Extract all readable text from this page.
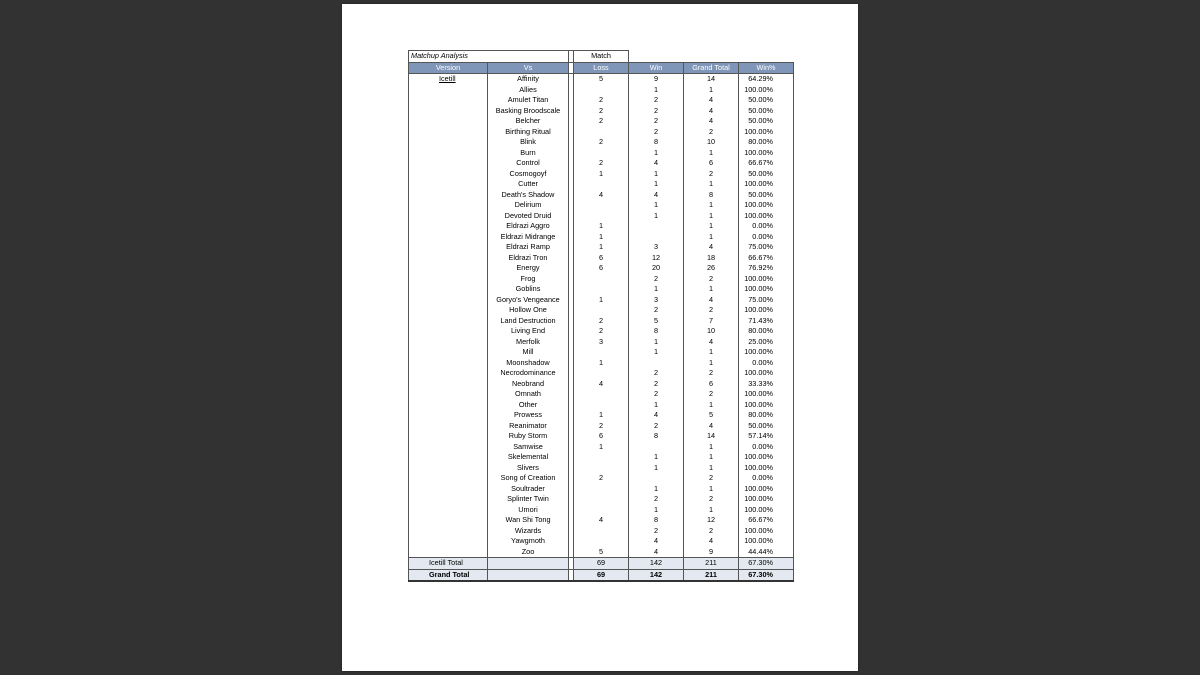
Matchup Analysis			Match			
Version	Vs		Loss	Win	Grand Total	Win%
Icetill	Affinity		5	9	14	64.29%
	Allies			1	1	100.00%
	Amulet Titan		2	2	4	50.00%
	Basking Broodscale		2	2	4	50.00%
	Belcher		2	2	4	50.00%
	Birthing Ritual			2	2	100.00%
	Blink		2	8	10	80.00%
	Burn			1	1	100.00%
	Control		2	4	6	66.67%
	Cosmogoyf		1	1	2	50.00%
	Cutter			1	1	100.00%
	Death's Shadow		4	4	8	50.00%
	Delirium			1	1	100.00%
	Devoted Druid			1	1	100.00%
	Eldrazi Aggro		1		1	0.00%
	Eldrazi Midrange		1		1	0.00%
	Eldrazi Ramp		1	3	4	75.00%
	Eldrazi Tron		6	12	18	66.67%
	Energy		6	20	26	76.92%
	Frog			2	2	100.00%
	Goblins			1	1	100.00%
	Goryo's Vengeance		1	3	4	75.00%
	Hollow One			2	2	100.00%
	Land Destruction		2	5	7	71.43%
	Living End		2	8	10	80.00%
	Merfolk		3	1	4	25.00%
	Mill			1	1	100.00%
	Moonshadow		1		1	0.00%
	Necrodominance			2	2	100.00%
	Neobrand		4	2	6	33.33%
	Omnath			2	2	100.00%
	Other			1	1	100.00%
	Prowess		1	4	5	80.00%
	Reanimator		2	2	4	50.00%
	Ruby Storm		6	8	14	57.14%
	Samwise		1		1	0.00%
	Skelemental			1	1	100.00%
	Slivers			1	1	100.00%
	Song of Creation		2		2	0.00%
	Soultrader			1	1	100.00%
	Splinter Twin			2	2	100.00%
	Umori			1	1	100.00%
	Wan Shi Tong		4	8	12	66.67%
	Wizards			2	2	100.00%
	Yawgmoth			4	4	100.00%
	Zoo		5	4	9	44.44%
Icetill Total			69	142	211	67.30%
Grand Total			69	142	211	67.30%
